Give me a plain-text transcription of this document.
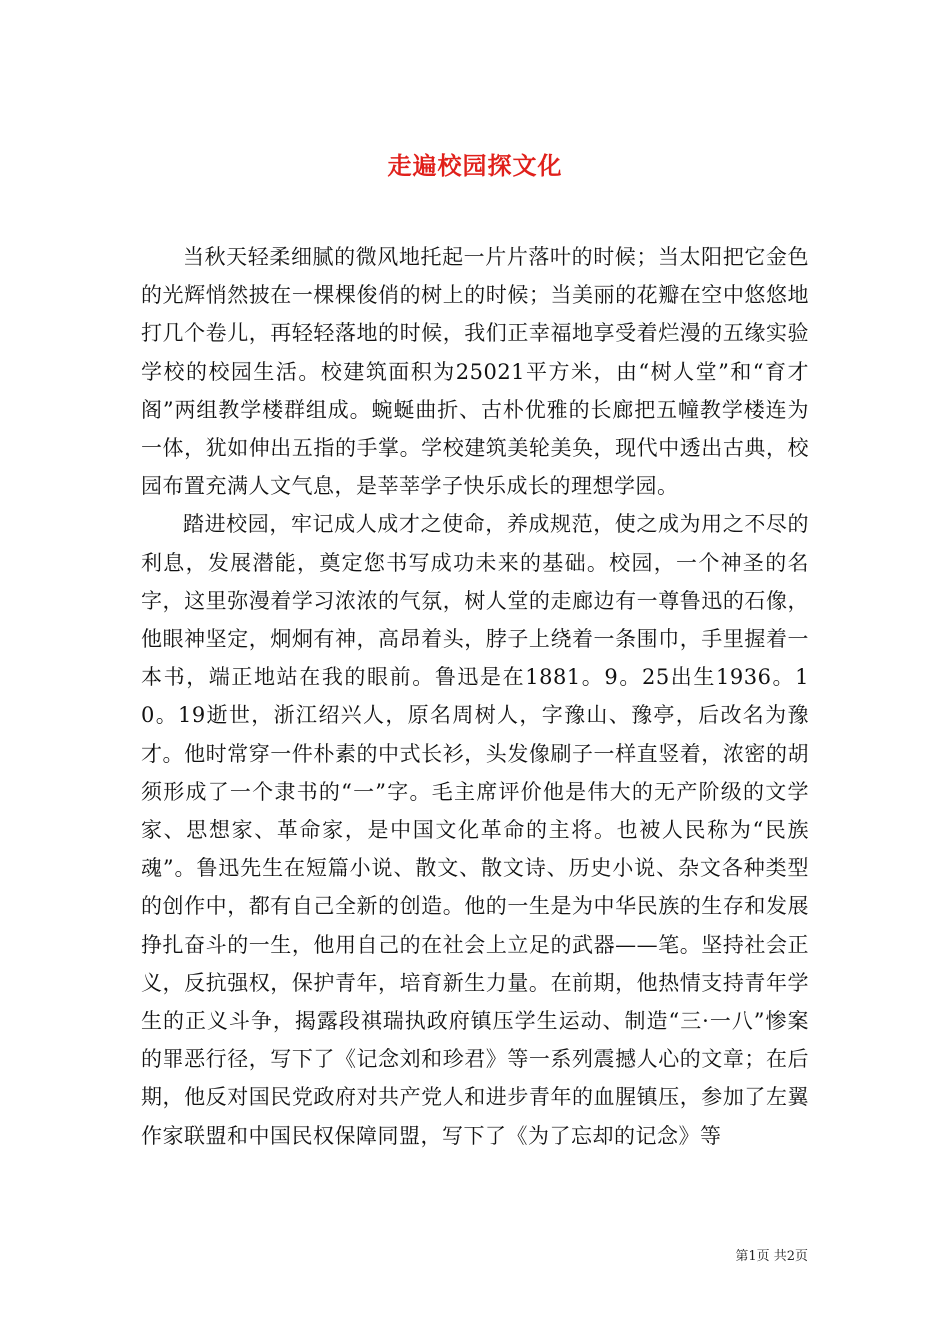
走遍校园探文化

当秋天轻柔细腻的微风地托起一片片落叶的时候；当太阳把它金色的光辉悄然披在一棵棵俊俏的树上的时候；当美丽的花瓣在空中悠悠地打几个卷儿，再轻轻落地的时候，我们正幸福地享受着烂漫的五缘实验学校的校园生活。校建筑面积为25021平方米，由“树人堂”和“育才阁”两组教学楼群组成。蜿蜒曲折、古朴优雅的长廊把五幢教学楼连为一体，犹如伸出五指的手掌。学校建筑美轮美奂，现代中透出古典，校园布置充满人文气息，是莘莘学子快乐成长的理想学园。

踏进校园，牢记成人成才之使命，养成规范，使之成为用之不尽的利息，发展潜能，奠定您书写成功未来的基础。校园，一个神圣的名字，这里弥漫着学习浓浓的气氛，树人堂的走廊边有一尊鲁迅的石像，他眼神坚定，炯炯有神，高昂着头，脖子上绕着一条围巾，手里握着一本书，端正地站在我的眼前。鲁迅是在1881。9。25出生1936。10。19逝世，浙江绍兴人，原名周树人，字豫山、豫亭，后改名为豫才。他时常穿一件朴素的中式长衫，头发像刷子一样直竖着，浓密的胡须形成了一个隶书的“一”字。毛主席评价他是伟大的无产阶级的文学家、思想家、革命家，是中国文化革命的主将。也被人民称为“民族魂”。鲁迅先生在短篇小说、散文、散文诗、历史小说、杂文各种类型的创作中，都有自己全新的创造。他的一生是为中华民族的生存和发展挣扎奋斗的一生，他用自己的在社会上立足的武器——笔。坚持社会正义，反抗强权，保护青年，培育新生力量。在前期，他热情支持青年学生的正义斗争，揭露段祺瑞执政府镇压学生运动、制造“三·一八”惨案的罪恶行径，写下了《记念刘和珍君》等一系列震撼人心的文章；在后期，他反对国民党政府对共产党人和进步青年的血腥镇压，参加了左翼作家联盟和中国民权保障同盟，写下了《为了忘却的记念》等

第1页 共2页
